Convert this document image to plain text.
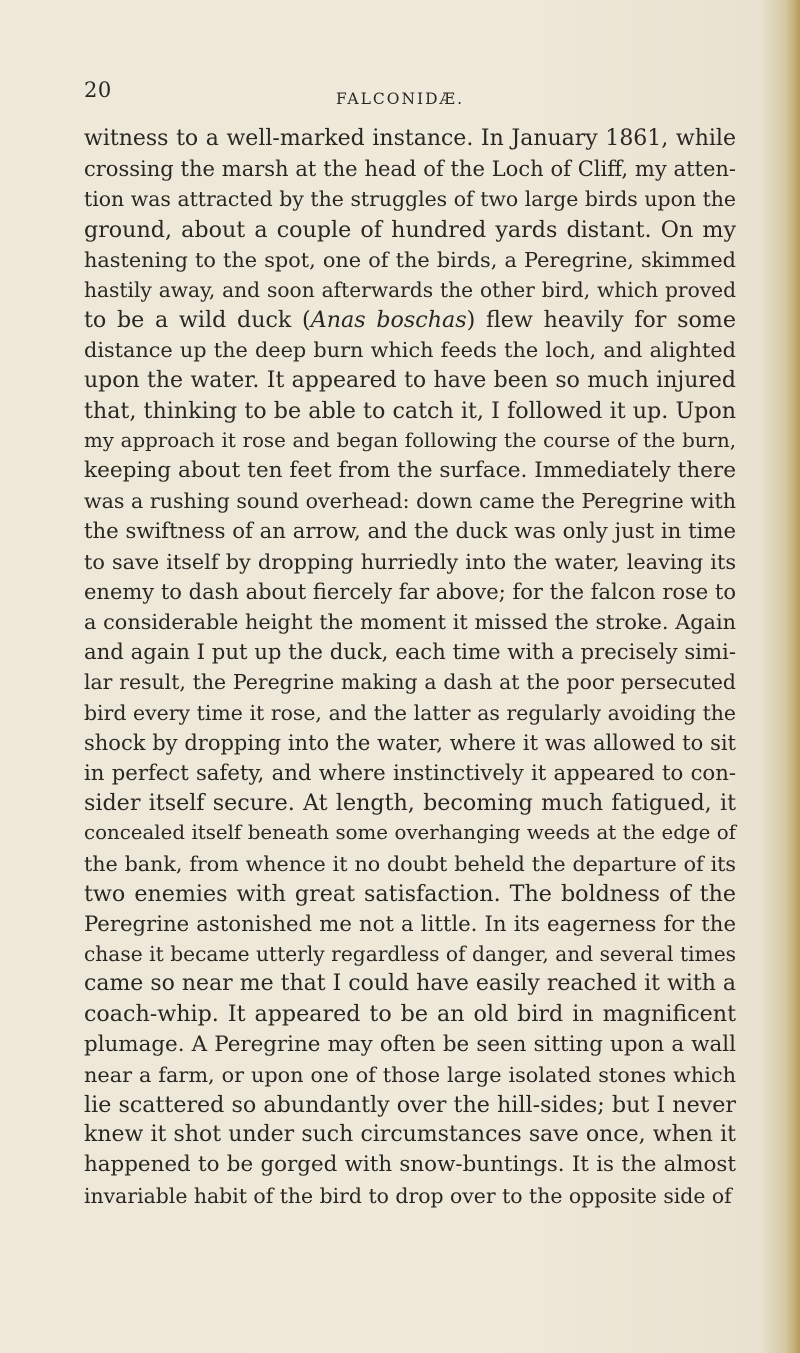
20	FALCONIDÆ.
witness to a well-marked instance. In January 1861, while
crossing the marsh at the head of the Loch of Cliff, my atten-
tion was attracted by the struggles of two large birds upon the
ground, about a couple of hundred yards distant. On my
hastening to the spot, one of the birds, a Peregrine, skimmed
hastily away, and soon afterwards the other bird, which proved
to be a wild duck (Anas boschas) flew heavily for some
distance up the deep burn which feeds the loch, and alighted
upon the water. It appeared to have been so much injured
that, thinking to be able to catch it, I followed it up. Upon
my approach it rose and began following the course of the burn,
keeping about ten feet from the surface. Immediately there
was a rushing sound overhead: down came the Peregrine with
the swiftness of an arrow, and the duck was only just in time
to save itself by dropping hurriedly into the water, leaving its
enemy to dash about fiercely far above; for the falcon rose to
a considerable height the moment it missed the stroke. Again
and again I put up the duck, each time with a precisely simi-
lar result, the Peregrine making a dash at the poor persecuted
bird every time it rose, and the latter as regularly avoiding the
shock by dropping into the water, where it was allowed to sit
in perfect safety, and where instinctively it appeared to con-
sider itself secure. At length, becoming much fatigued, it
concealed itself beneath some overhanging weeds at the edge of
the bank, from whence it no doubt beheld the departure of its
two enemies with great satisfaction. The boldness of the
Peregrine astonished me not a little. In its eagerness for the
chase it became utterly regardless of danger, and several times
came so near me that I could have easily reached it with a
coach-whip. It appeared to be an old bird in magnificent
plumage. A Peregrine may often be seen sitting upon a wall
near a farm, or upon one of those large isolated stones which
lie scattered so abundantly over the hill-sides; but I never
knew it shot under such circumstances save once, when it
happened to be gorged with snow-buntings. It is the almost
invariable habit of the bird to drop over to the opposite side of
